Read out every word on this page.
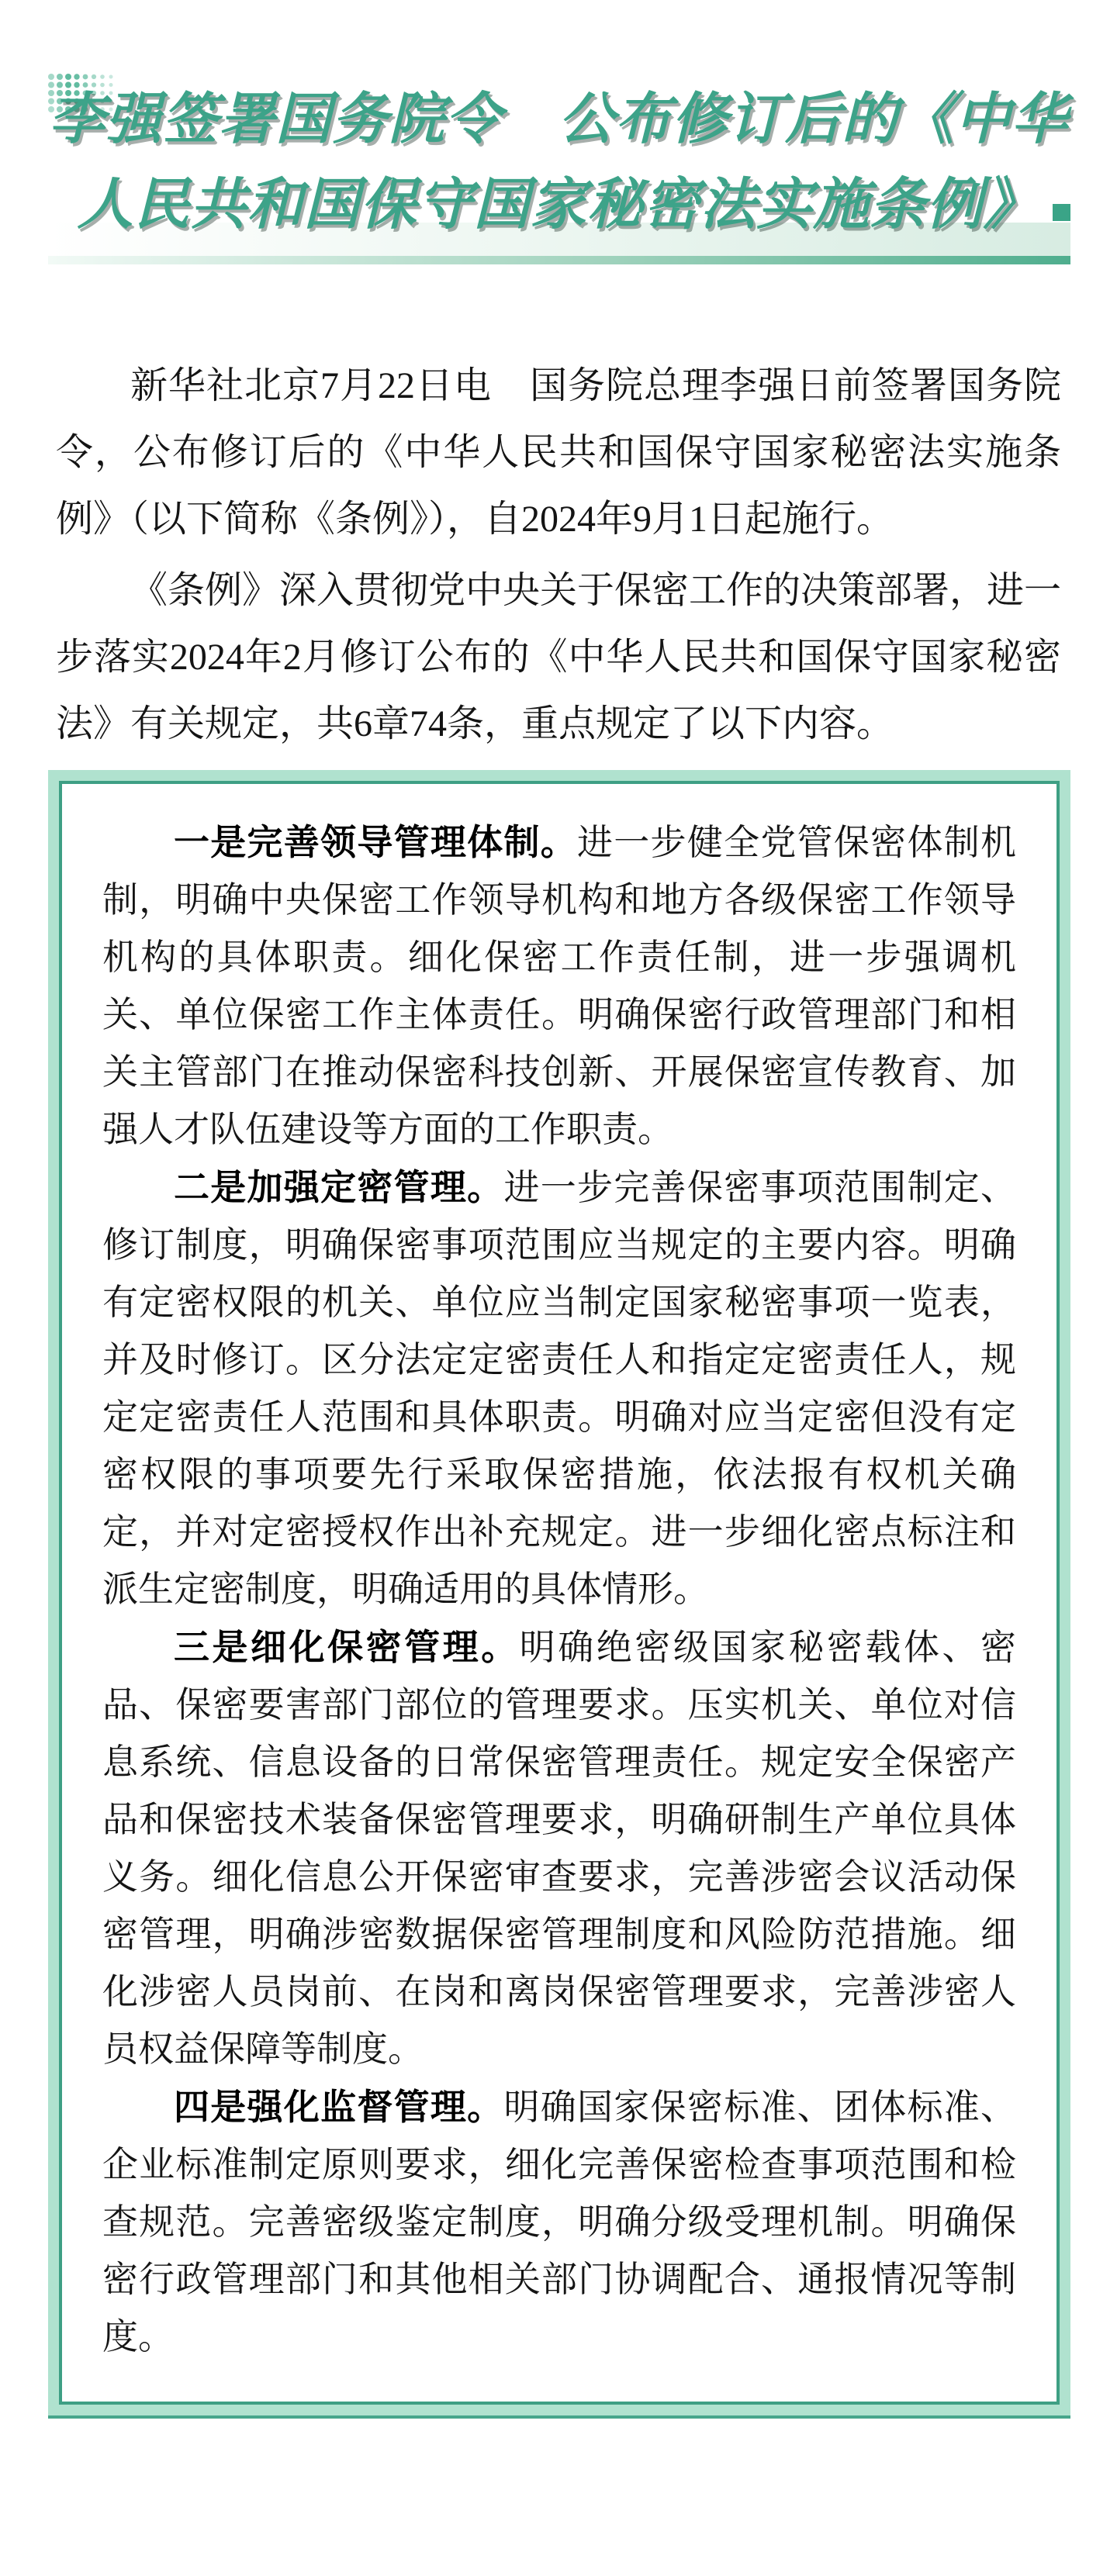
李强签署国务院令　公布修订后的《中华
人民共和国保守国家秘密法实施条例》

新华社北京7月22日电　国务院总理李强日前签署国务院令，公布修订后的《中华人民共和国保守国家秘密法实施条例》（以下简称《条例》），自2024年9月1日起施行。

《条例》深入贯彻党中央关于保密工作的决策部署，进一步落实2024年2月修订公布的《中华人民共和国保守国家秘密法》有关规定，共6章74条，重点规定了以下内容。

一是完善领导管理体制。进一步健全党管保密体制机制，明确中央保密工作领导机构和地方各级保密工作领导机构的具体职责。细化保密工作责任制，进一步强调机关、单位保密工作主体责任。明确保密行政管理部门和相关主管部门在推动保密科技创新、开展保密宣传教育、加强人才队伍建设等方面的工作职责。

二是加强定密管理。进一步完善保密事项范围制定、修订制度，明确保密事项范围应当规定的主要内容。明确有定密权限的机关、单位应当制定国家秘密事项一览表，并及时修订。区分法定定密责任人和指定定密责任人，规定定密责任人范围和具体职责。明确对应当定密但没有定密权限的事项要先行采取保密措施，依法报有权机关确定，并对定密授权作出补充规定。进一步细化密点标注和派生定密制度，明确适用的具体情形。

三是细化保密管理。明确绝密级国家秘密载体、密品、保密要害部门部位的管理要求。压实机关、单位对信息系统、信息设备的日常保密管理责任。规定安全保密产品和保密技术装备保密管理要求，明确研制生产单位具体义务。细化信息公开保密审查要求，完善涉密会议活动保密管理，明确涉密数据保密管理制度和风险防范措施。细化涉密人员岗前、在岗和离岗保密管理要求，完善涉密人员权益保障等制度。

四是强化监督管理。明确国家保密标准、团体标准、企业标准制定原则要求，细化完善保密检查事项范围和检查规范。完善密级鉴定制度，明确分级受理机制。明确保密行政管理部门和其他相关部门协调配合、通报情况等制度。
